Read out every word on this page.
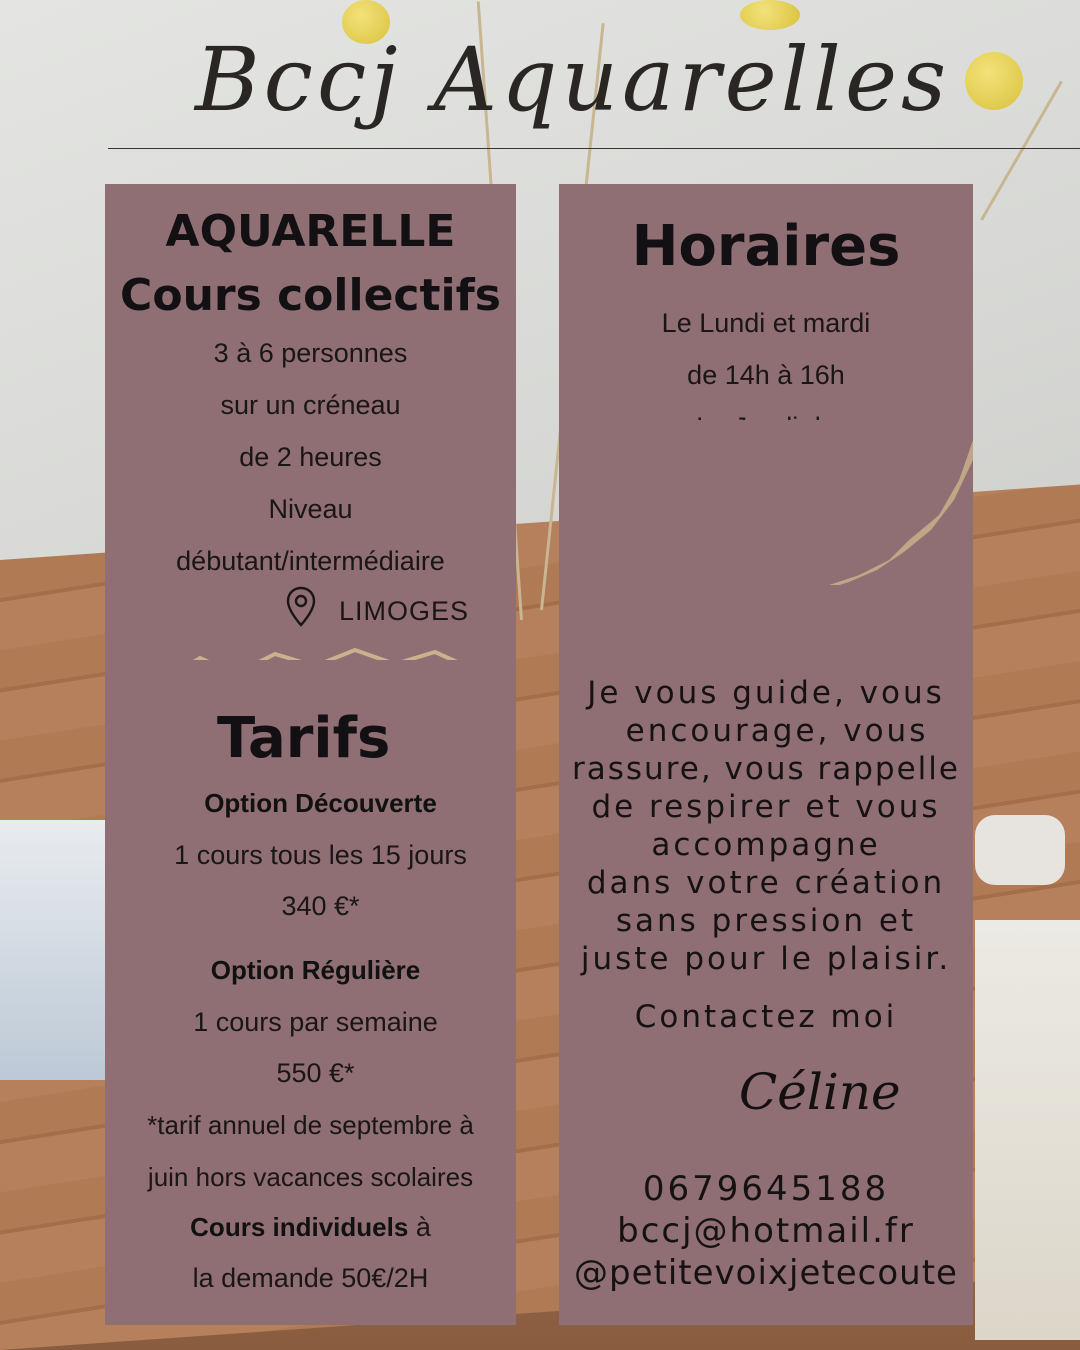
Bccj Aquarelles
AQUARELLE
Cours collectifs
3 à 6 personnes
sur un créneau
de 2 heures
Niveau
débutant/intermédiaire
LIMOGES
Horaires
Le Lundi et mardi
de 14h à 16h
Tarifs
Option Découverte
1 cours tous les 15 jours
340 €*
Option Régulière
1 cours par semaine
550 €*
*tarif annuel de septembre à
juin hors vacances scolaires
Cours individuels à
la demande 50€/2H
Je vous guide, vous
encourage, vous
rassure, vous rappelle
de respirer et vous
accompagne
dans votre création
sans pression et
juste pour le plaisir.
Contactez moi
Céline
0679645188
bccj@hotmail.fr
@petitevoixjetecoute
